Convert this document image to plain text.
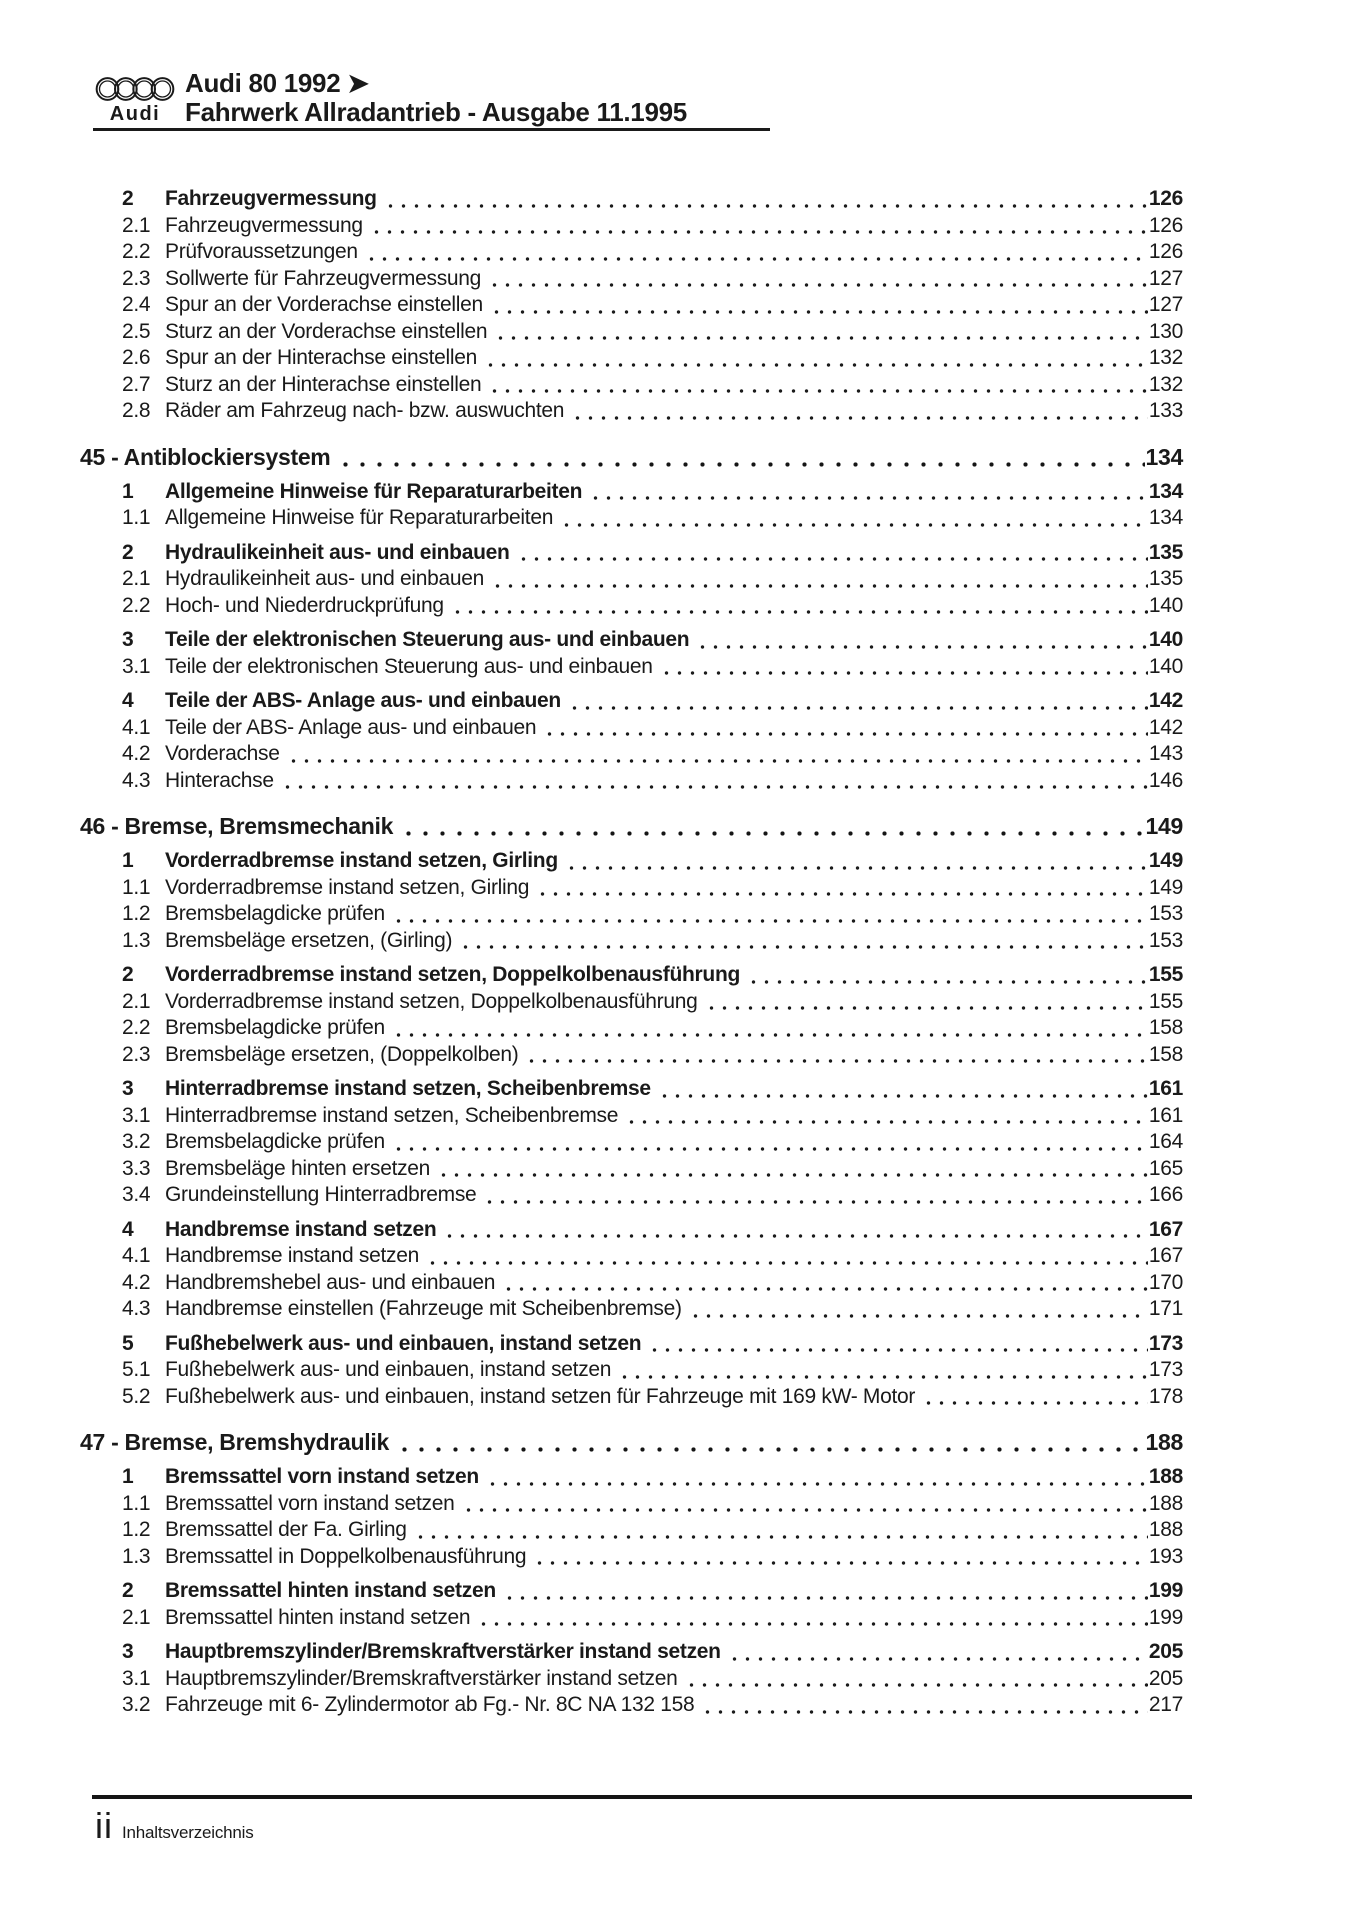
Audi
Audi 80 1992 ➤
Fahrwerk Allradantrieb - Ausgabe 11.1995
2	Fahrzeugvermessung	126
2.1 Fahrzeugvermessung	126
2.2 Prüfvoraussetzungen	126
2.3 Sollwerte für Fahrzeugvermessung	127
2.4 Spur an der Vorderachse einstellen	127
2.5 Sturz an der Vorderachse einstellen	130
2.6 Spur an der Hinterachse einstellen	132
2.7 Sturz an der Hinterachse einstellen	132
2.8 Räder am Fahrzeug nach- bzw. auswuchten	133
45 - Antiblockiersystem	134
1	Allgemeine Hinweise für Reparaturarbeiten	134
1.1 Allgemeine Hinweise für Reparaturarbeiten	134
2	Hydraulikeinheit aus- und einbauen	135
2.1 Hydraulikeinheit aus- und einbauen	135
2.2 Hoch- und Niederdruckprüfung	140
3	Teile der elektronischen Steuerung aus- und einbauen	140
3.1 Teile der elektronischen Steuerung aus- und einbauen	140
4	Teile der ABS- Anlage aus- und einbauen	142
4.1 Teile der ABS- Anlage aus- und einbauen	142
4.2 Vorderachse	143
4.3 Hinterachse	146
46 - Bremse, Bremsmechanik	149
1	Vorderradbremse instand setzen, Girling	149
1.1 Vorderradbremse instand setzen, Girling	149
1.2 Bremsbelagdicke prüfen	153
1.3 Bremsbeläge ersetzen, (Girling)	153
2	Vorderradbremse instand setzen, Doppelkolbenausführung	155
2.1 Vorderradbremse instand setzen, Doppelkolbenausführung	155
2.2 Bremsbelagdicke prüfen	158
2.3 Bremsbeläge ersetzen, (Doppelkolben)	158
3	Hinterradbremse instand setzen, Scheibenbremse	161
3.1 Hinterradbremse instand setzen, Scheibenbremse	161
3.2 Bremsbelagdicke prüfen	164
3.3 Bremsbeläge hinten ersetzen	165
3.4 Grundeinstellung Hinterradbremse	166
4	Handbremse instand setzen	167
4.1 Handbremse instand setzen	167
4.2 Handbremshebel aus- und einbauen	170
4.3 Handbremse einstellen (Fahrzeuge mit Scheibenbremse)	171
5	Fußhebelwerk aus- und einbauen, instand setzen	173
5.1 Fußhebelwerk aus- und einbauen, instand setzen	173
5.2 Fußhebelwerk aus- und einbauen, instand setzen für Fahrzeuge mit 169 kW- Motor	178
47 - Bremse, Bremshydraulik	188
1	Bremssattel vorn instand setzen	188
1.1 Bremssattel vorn instand setzen	188
1.2 Bremssattel der Fa. Girling	188
1.3 Bremssattel in Doppelkolbenausführung	193
2	Bremssattel hinten instand setzen	199
2.1 Bremssattel hinten instand setzen	199
3	Hauptbremszylinder/Bremskraftverstärker instand setzen	205
3.1 Hauptbremszylinder/Bremskraftverstärker instand setzen	205
3.2 Fahrzeuge mit 6- Zylindermotor ab Fg.- Nr. 8C NA 132 158	217
ii Inhaltsverzeichnis
